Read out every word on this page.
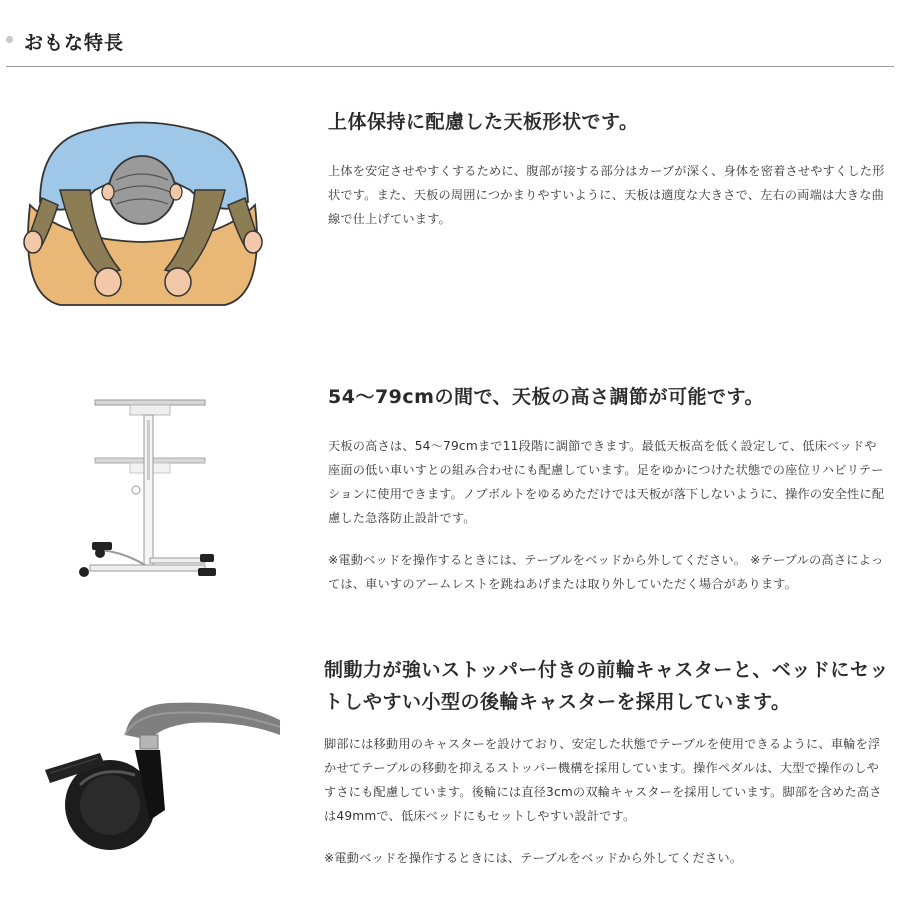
おもな特長
上体保持に配慮した天板形状です。

上体を安定させやすくするために、腹部が接する部分はカーブが深く、身体を密着させやすくした形状です。また、天板の周囲につかまりやすいように、天板は適度な大きさで、左右の両端は大きな曲線で仕上げています。

54～79cmの間で、天板の高さ調節が可能です。

天板の高さは、54～79cmまで11段階に調節できます。最低天板高を低く設定して、低床ベッドや座面の低い車いすとの組み合わせにも配慮しています。足をゆかにつけた状態での座位リハビリテーションに使用できます。ノブボルトをゆるめただけでは天板が落下しないように、操作の安全性に配慮した急落防止設計です。

※電動ベッドを操作するときには、テーブルをベッドから外してください。 ※テーブルの高さによっては、車いすのアームレストを跳ねあげまたは取り外していただく場合があります。

制動力が強いストッパー付きの前輪キャスターと、ベッドにセットしやすい小型の後輪キャスターを採用しています。

脚部には移動用のキャスターを設けており、安定した状態でテーブルを使用できるように、車輪を浮かせてテーブルの移動を抑えるストッパー機構を採用しています。操作ペダルは、大型で操作のしやすさにも配慮しています。後輪には直径3cmの双輪キャスターを採用しています。脚部を含めた高さは49mmで、低床ベッドにもセットしやすい設計です。

※電動ベッドを操作するときには、テーブルをベッドから外してください。
